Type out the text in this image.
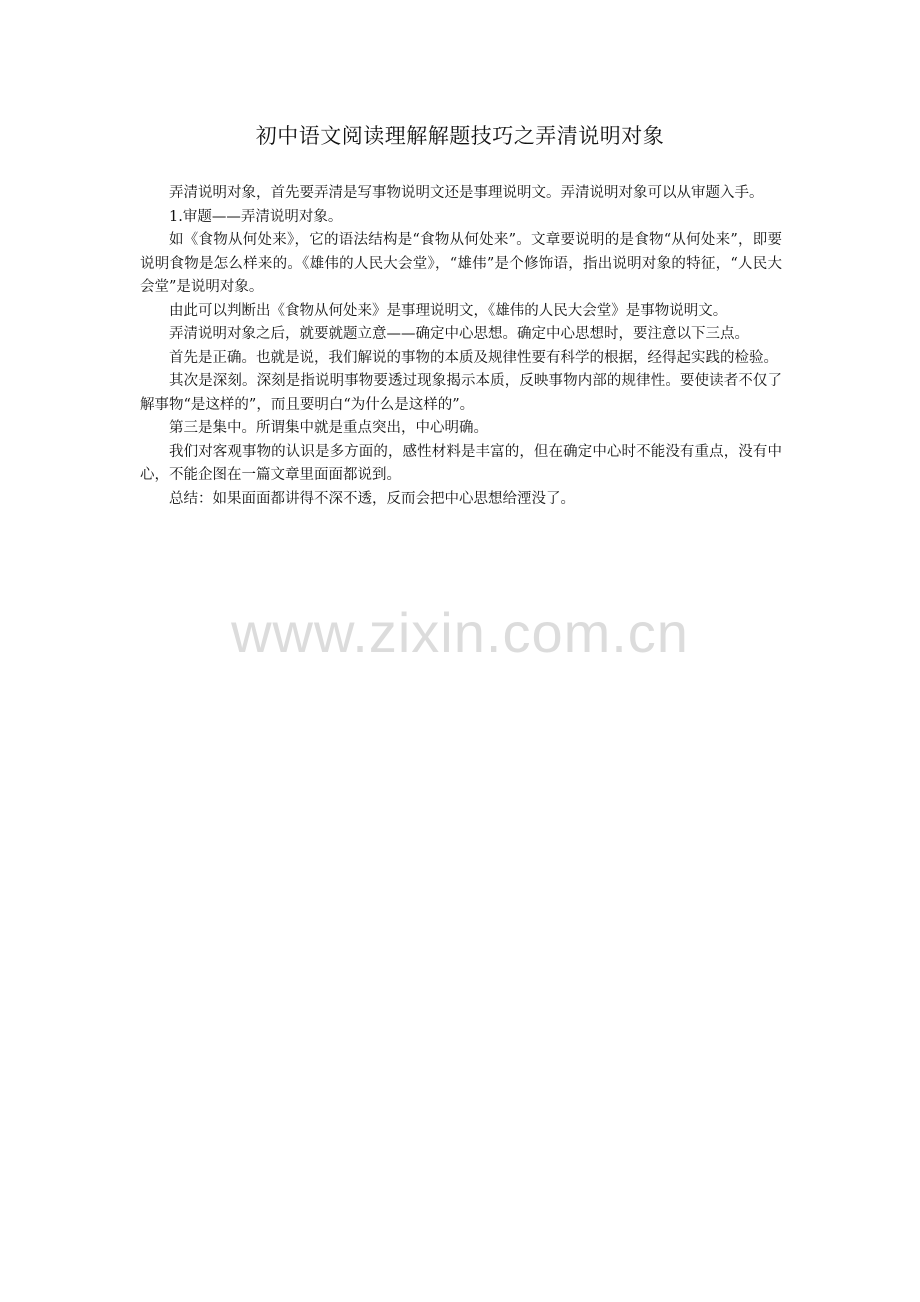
初中语文阅读理解解题技巧之弄清说明对象

弄清说明对象，首先要弄清是写事物说明文还是事理说明文。弄清说明对象可以从审题入手。

1.审题——弄清说明对象。

如《食物从何处来》，它的语法结构是“食物从何处来”。文章要说明的是食物“从何处来”，即要说明食物是怎么样来的。《雄伟的人民大会堂》，“雄伟”是个修饰语，指出说明对象的特征，“人民大会堂”是说明对象。

由此可以判断出《食物从何处来》是事理说明文，《雄伟的人民大会堂》是事物说明文。

弄清说明对象之后，就要就题立意——确定中心思想。确定中心思想时，要注意以下三点。

首先是正确。也就是说，我们解说的事物的本质及规律性要有科学的根据，经得起实践的检验。

其次是深刻。深刻是指说明事物要透过现象揭示本质，反映事物内部的规律性。要使读者不仅了解事物“是这样的”，而且要明白“为什么是这样的”。

第三是集中。所谓集中就是重点突出，中心明确。

我们对客观事物的认识是多方面的，感性材料是丰富的，但在确定中心时不能没有重点，没有中心，不能企图在一篇文章里面面都说到。

总结：如果面面都讲得不深不透，反而会把中心思想给湮没了。

www.zixin.com.cn
